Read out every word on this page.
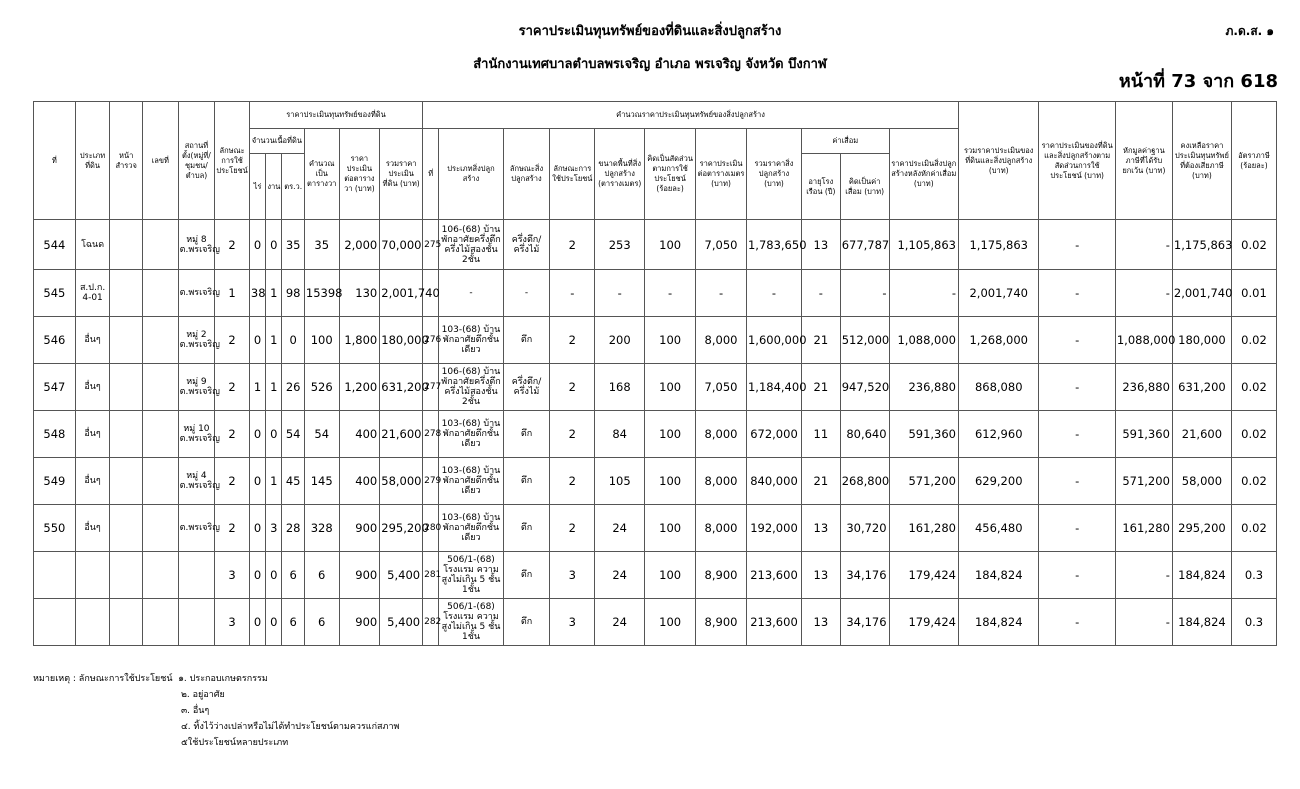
ราคาประเมินทุนทรัพย์ของที่ดินและสิ่งปลูกสร้าง
สำนักงานเทศบาลตำบลพรเจริญ อำเภอ พรเจริญ จังหวัด บึงกาฬ
ภ.ด.ส. ๑
หน้าที่ 73 จาก 618
ที่	ประเภทที่ดิน	หน้าสำรวจ	เลขที่	สถานที่ตั้ง(หมู่ที่/ชุมชน/ตำบล)	ลักษณะการใช้ประโยชน์	ราคาประเมินทุนทรัพย์ของที่ดิน						คำนวณราคาประเมินทุนทรัพย์ของสิ่งปลูกสร้าง											รวมราคาประเมินของที่ดินและสิ่งปลูกสร้าง (บาท)	ราคาประเมินของที่ดินและสิ่งปลูกสร้างตามสัดส่วนการใช้ประโยชน์ (บาท)	หักมูลค่าฐานภาษีที่ได้รับยกเว้น (บาท)	คงเหลือราคาประเมินทุนทรัพย์ที่ต้องเสียภาษี (บาท)	อัตราภาษี (ร้อยละ)
						จำนวนเนื้อที่ดิน			คำนวณเป็นตารางวา	ราคาประเมินต่อตารางวา (บาท)	รวมราคาประเมินที่ดิน (บาท)	ที่	ประเภทสิ่งปลูกสร้าง	ลักษณะสิ่งปลูกสร้าง	ลักษณะการใช้ประโยชน์	ขนาดพื้นที่สิ่งปลูกสร้าง (ตารางเมตร)	คิดเป็นสัดส่วนตามการใช้ประโยชน์ (ร้อยละ)	ราคาประเมินต่อตารางเมตร (บาท)	รวมราคาสิ่งปลูกสร้าง (บาท)	ค่าเสื่อม		ราคาประเมินสิ่งปลูกสร้างหลังหักค่าเสื่อม (บาท)					
						ไร่	งาน	ตร.ว.												อายุโรงเรือน (ปี)	คิดเป็นค่าเสื่อม (บาท)						
544	โฉนด			หมู่ 8 ต.พรเจริญ	2	0	0	35	35	2,000	70,000	275	106-(68) บ้านพักอาศัยครึ่งตึกครึ่งไม้สองชั้น 2ชั้น	ครึ่งตึก/ครึ่งไม้	2	253	100	7,050	1,783,650	13	677,787	1,105,863	1,175,863	-	-	1,175,863	0.02
545	ส.ป.ก. 4-01			ต.พรเจริญ	1	38	1	98	15398	130	2,001,740		-	-	-	-	-	-	-	-	-	-	2,001,740	-	-	2,001,740	0.01
546	อื่นๆ			หมู่ 2 ต.พรเจริญ	2	0	1	0	100	1,800	180,000	276	103-(68) บ้านพักอาศัยตึกชั้นเดียว	ตึก	2	200	100	8,000	1,600,000	21	512,000	1,088,000	1,268,000	-	1,088,000	180,000	0.02
547	อื่นๆ			หมู่ 9 ต.พรเจริญ	2	1	1	26	526	1,200	631,200	277	106-(68) บ้านพักอาศัยครึ่งตึกครึ่งไม้สองชั้น 2ชั้น	ครึ่งตึก/ครึ่งไม้	2	168	100	7,050	1,184,400	21	947,520	236,880	868,080	-	236,880	631,200	0.02
548	อื่นๆ			หมู่ 10 ต.พรเจริญ	2	0	0	54	54	400	21,600	278	103-(68) บ้านพักอาศัยตึกชั้นเดียว	ตึก	2	84	100	8,000	672,000	11	80,640	591,360	612,960	-	591,360	21,600	0.02
549	อื่นๆ			หมู่ 4 ต.พรเจริญ	2	0	1	45	145	400	58,000	279	103-(68) บ้านพักอาศัยตึกชั้นเดียว	ตึก	2	105	100	8,000	840,000	21	268,800	571,200	629,200	-	571,200	58,000	0.02
550	อื่นๆ			ต.พรเจริญ	2	0	3	28	328	900	295,200	280	103-(68) บ้านพักอาศัยตึกชั้นเดียว	ตึก	2	24	100	8,000	192,000	13	30,720	161,280	456,480	-	161,280	295,200	0.02
					3	0	0	6	6	900	5,400	281	506/1-(68) โรงแรม ความสูงไม่เกิน 5 ชั้น 1ชั้น	ตึก	3	24	100	8,900	213,600	13	34,176	179,424	184,824	-	-	184,824	0.3
					3	0	0	6	6	900	5,400	282	506/1-(68) โรงแรม ความสูงไม่เกิน 5 ชั้น 1ชั้น	ตึก	3	24	100	8,900	213,600	13	34,176	179,424	184,824	-	-	184,824	0.3
หมายเหตุ : ลักษณะการใช้ประโยชน์ ๑. ประกอบเกษตรกรรม
๒. อยู่อาศัย
๓. อื่นๆ
๔. ทิ้งไว้ว่างเปล่าหรือไม่ได้ทำประโยชน์ตามควรแก่สภาพ
๕ใช้ประโยชน์หลายประเภท
